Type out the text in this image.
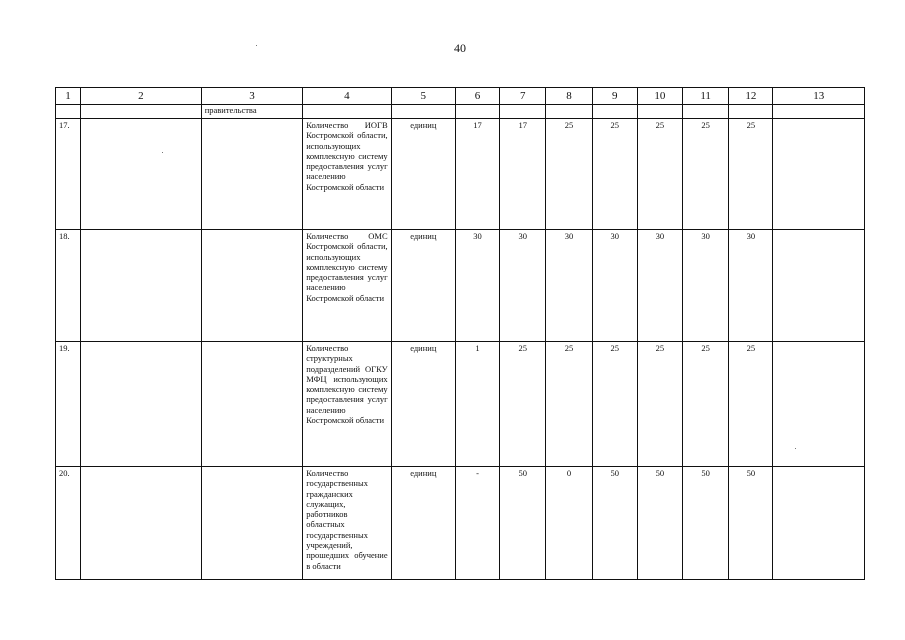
40
1	2	3	4	5	6	7	8	9	10	11	12	13
		правительства										
17.			Количество ИОГВ Костромской области, использующих комплексную систему предоставления услуг населению Костромской области	единиц	17	17	25	25	25	25	25	
18.			Количество ОМС Костромской области, использующих комплексную систему предоставления услуг населению Костромской области	единиц	30	30	30	30	30	30	30	
19.			Количество структурных подразделений ОГКУ МФЦ использующих комплексную систему предоставления услуг населению Костромской области	единиц	1	25	25	25	25	25	25	
20.			Количество государственных гражданских служащих, работников областных государственных учреждений, прошедших обучение в области	единиц	-	50	0	50	50	50	50	
